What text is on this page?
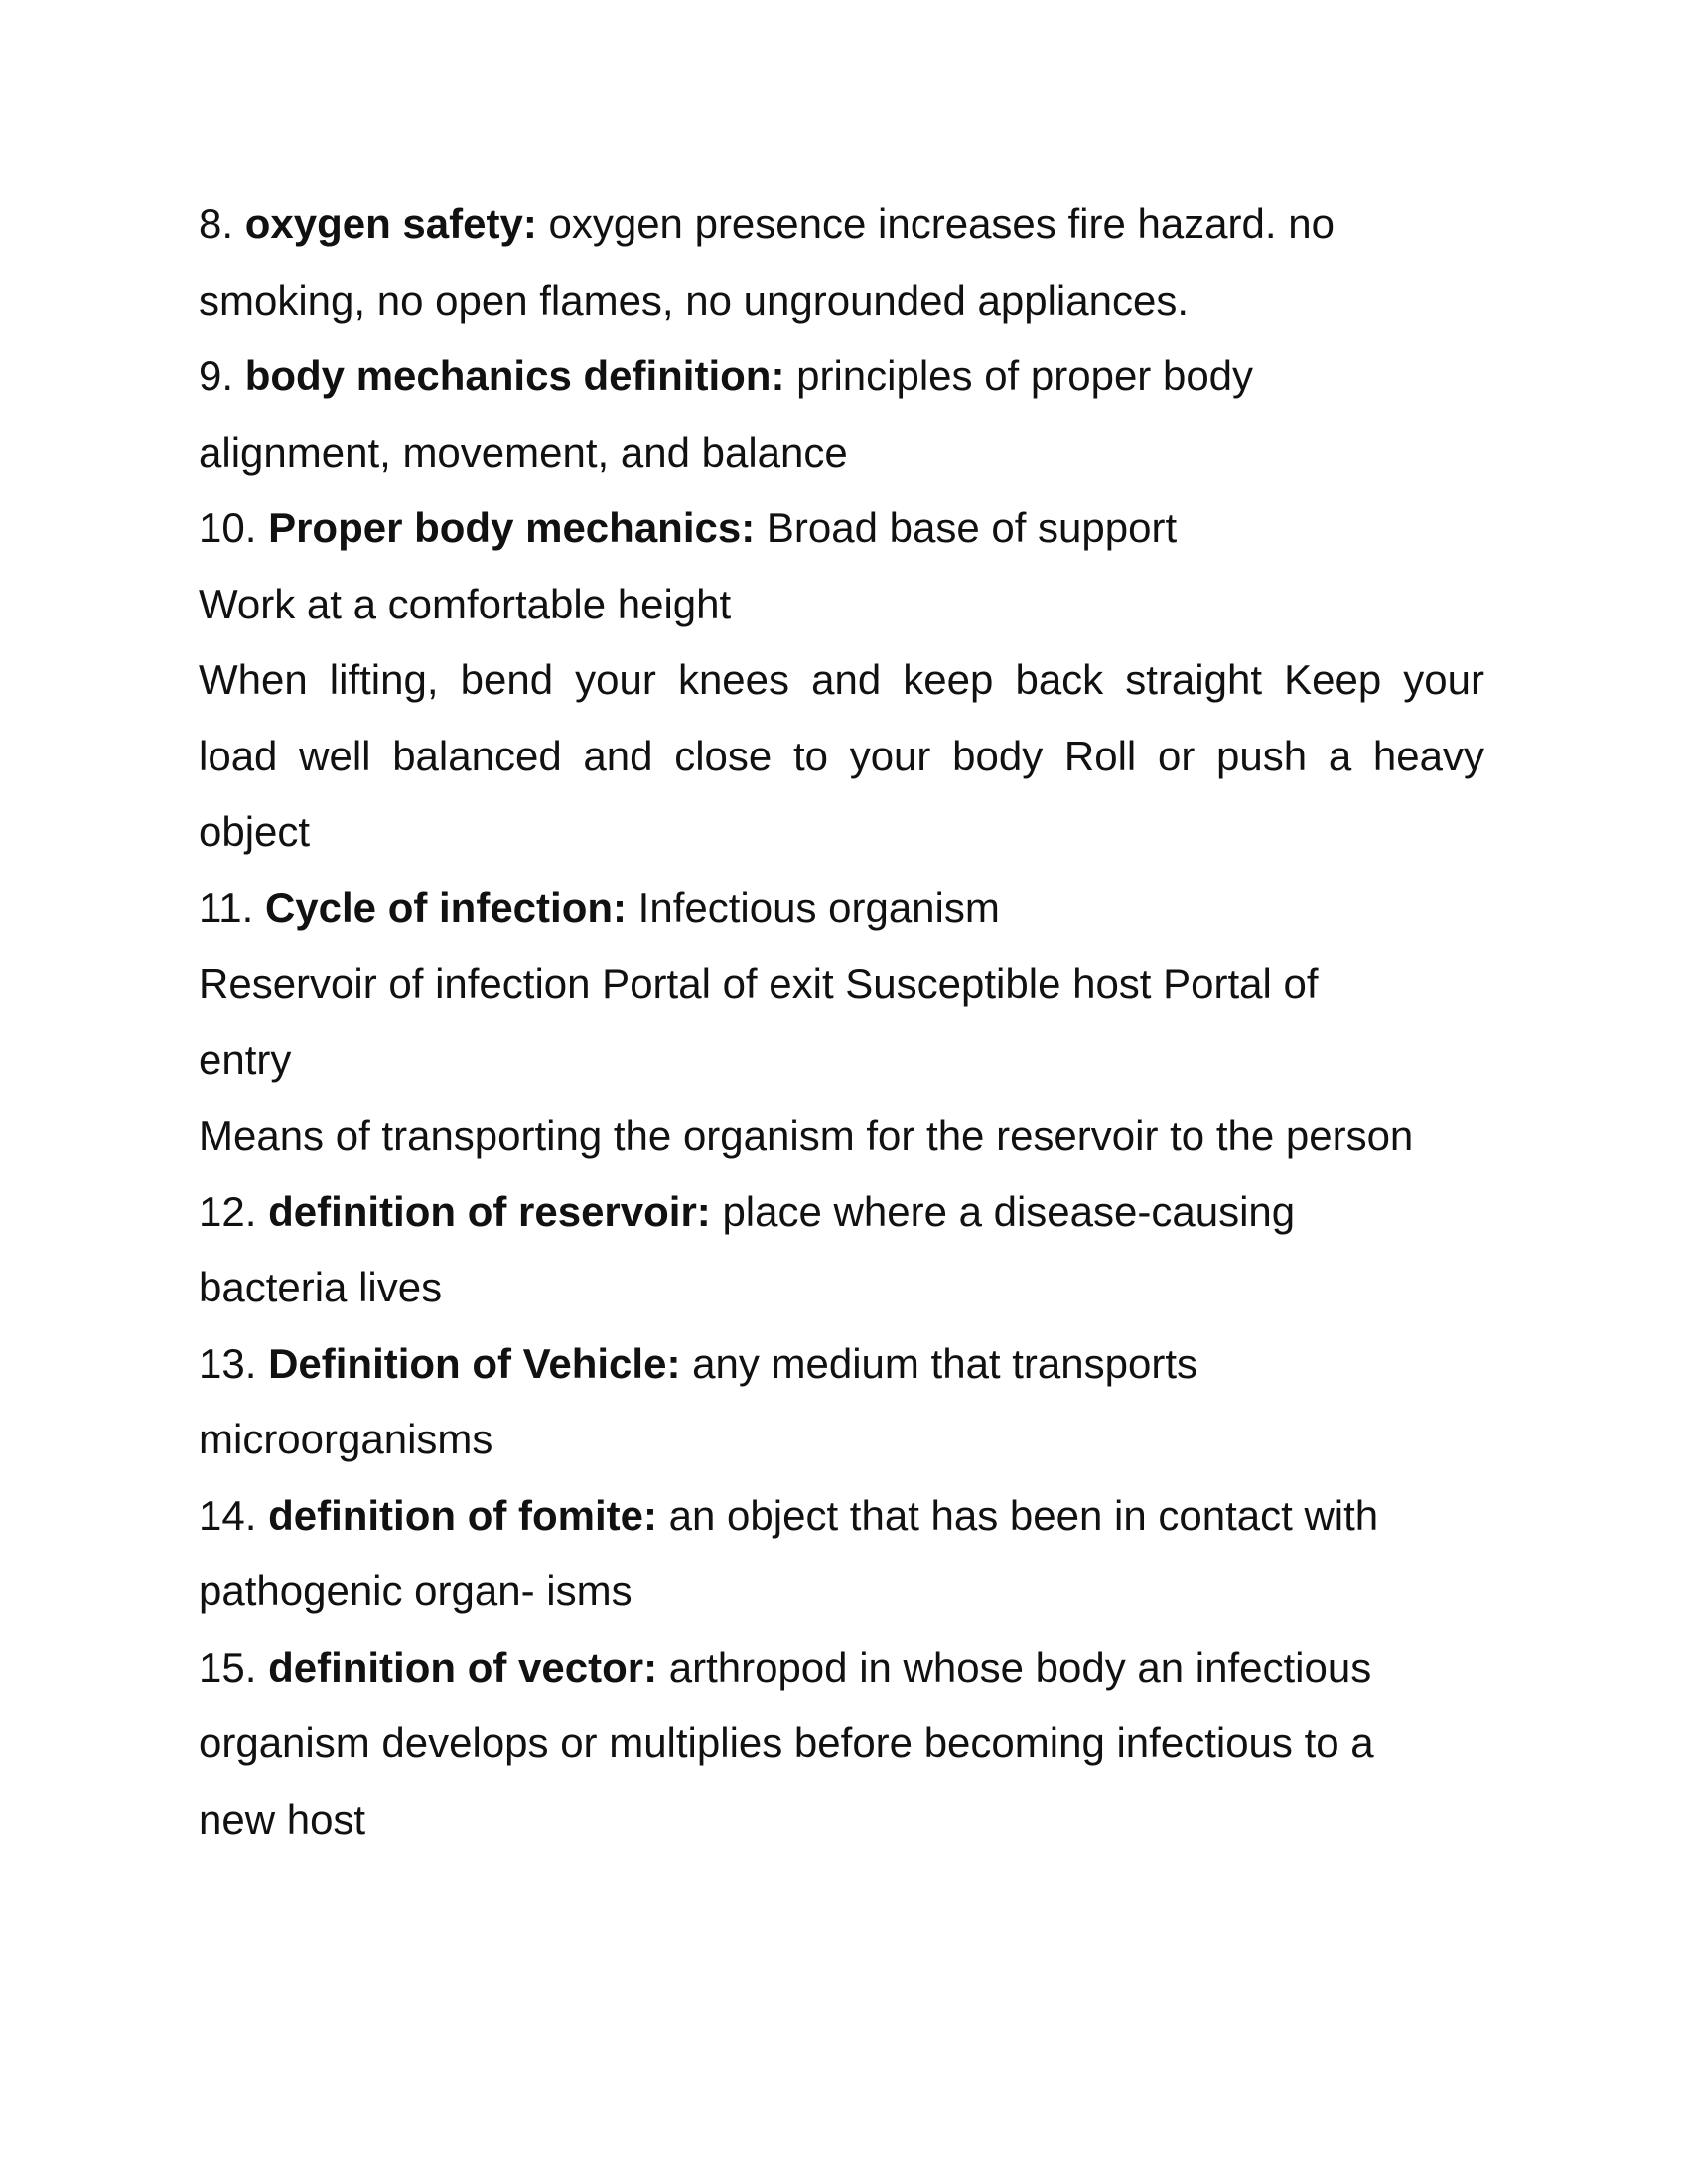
8. oxygen safety: oxygen presence increases fire hazard. no
smoking, no open flames, no ungrounded appliances.
9. body mechanics definition: principles of proper body
alignment, movement, and balance
10. Proper body mechanics: Broad base of support
Work at a comfortable height
When lifting, bend your knees and keep back straight Keep your
load well balanced and close to your body Roll or push a heavy
object
11. Cycle of infection: Infectious organism
Reservoir of infection Portal of exit Susceptible host Portal of
entry
Means of transporting the organism for the reservoir to the person
12. definition of reservoir: place where a disease-causing
bacteria lives
13. Definition of Vehicle: any medium that transports
microorganisms
14. definition of fomite: an object that has been in contact with
pathogenic organ- isms
15. definition of vector: arthropod in whose body an infectious
organism develops or multiplies before becoming infectious to a
new host
